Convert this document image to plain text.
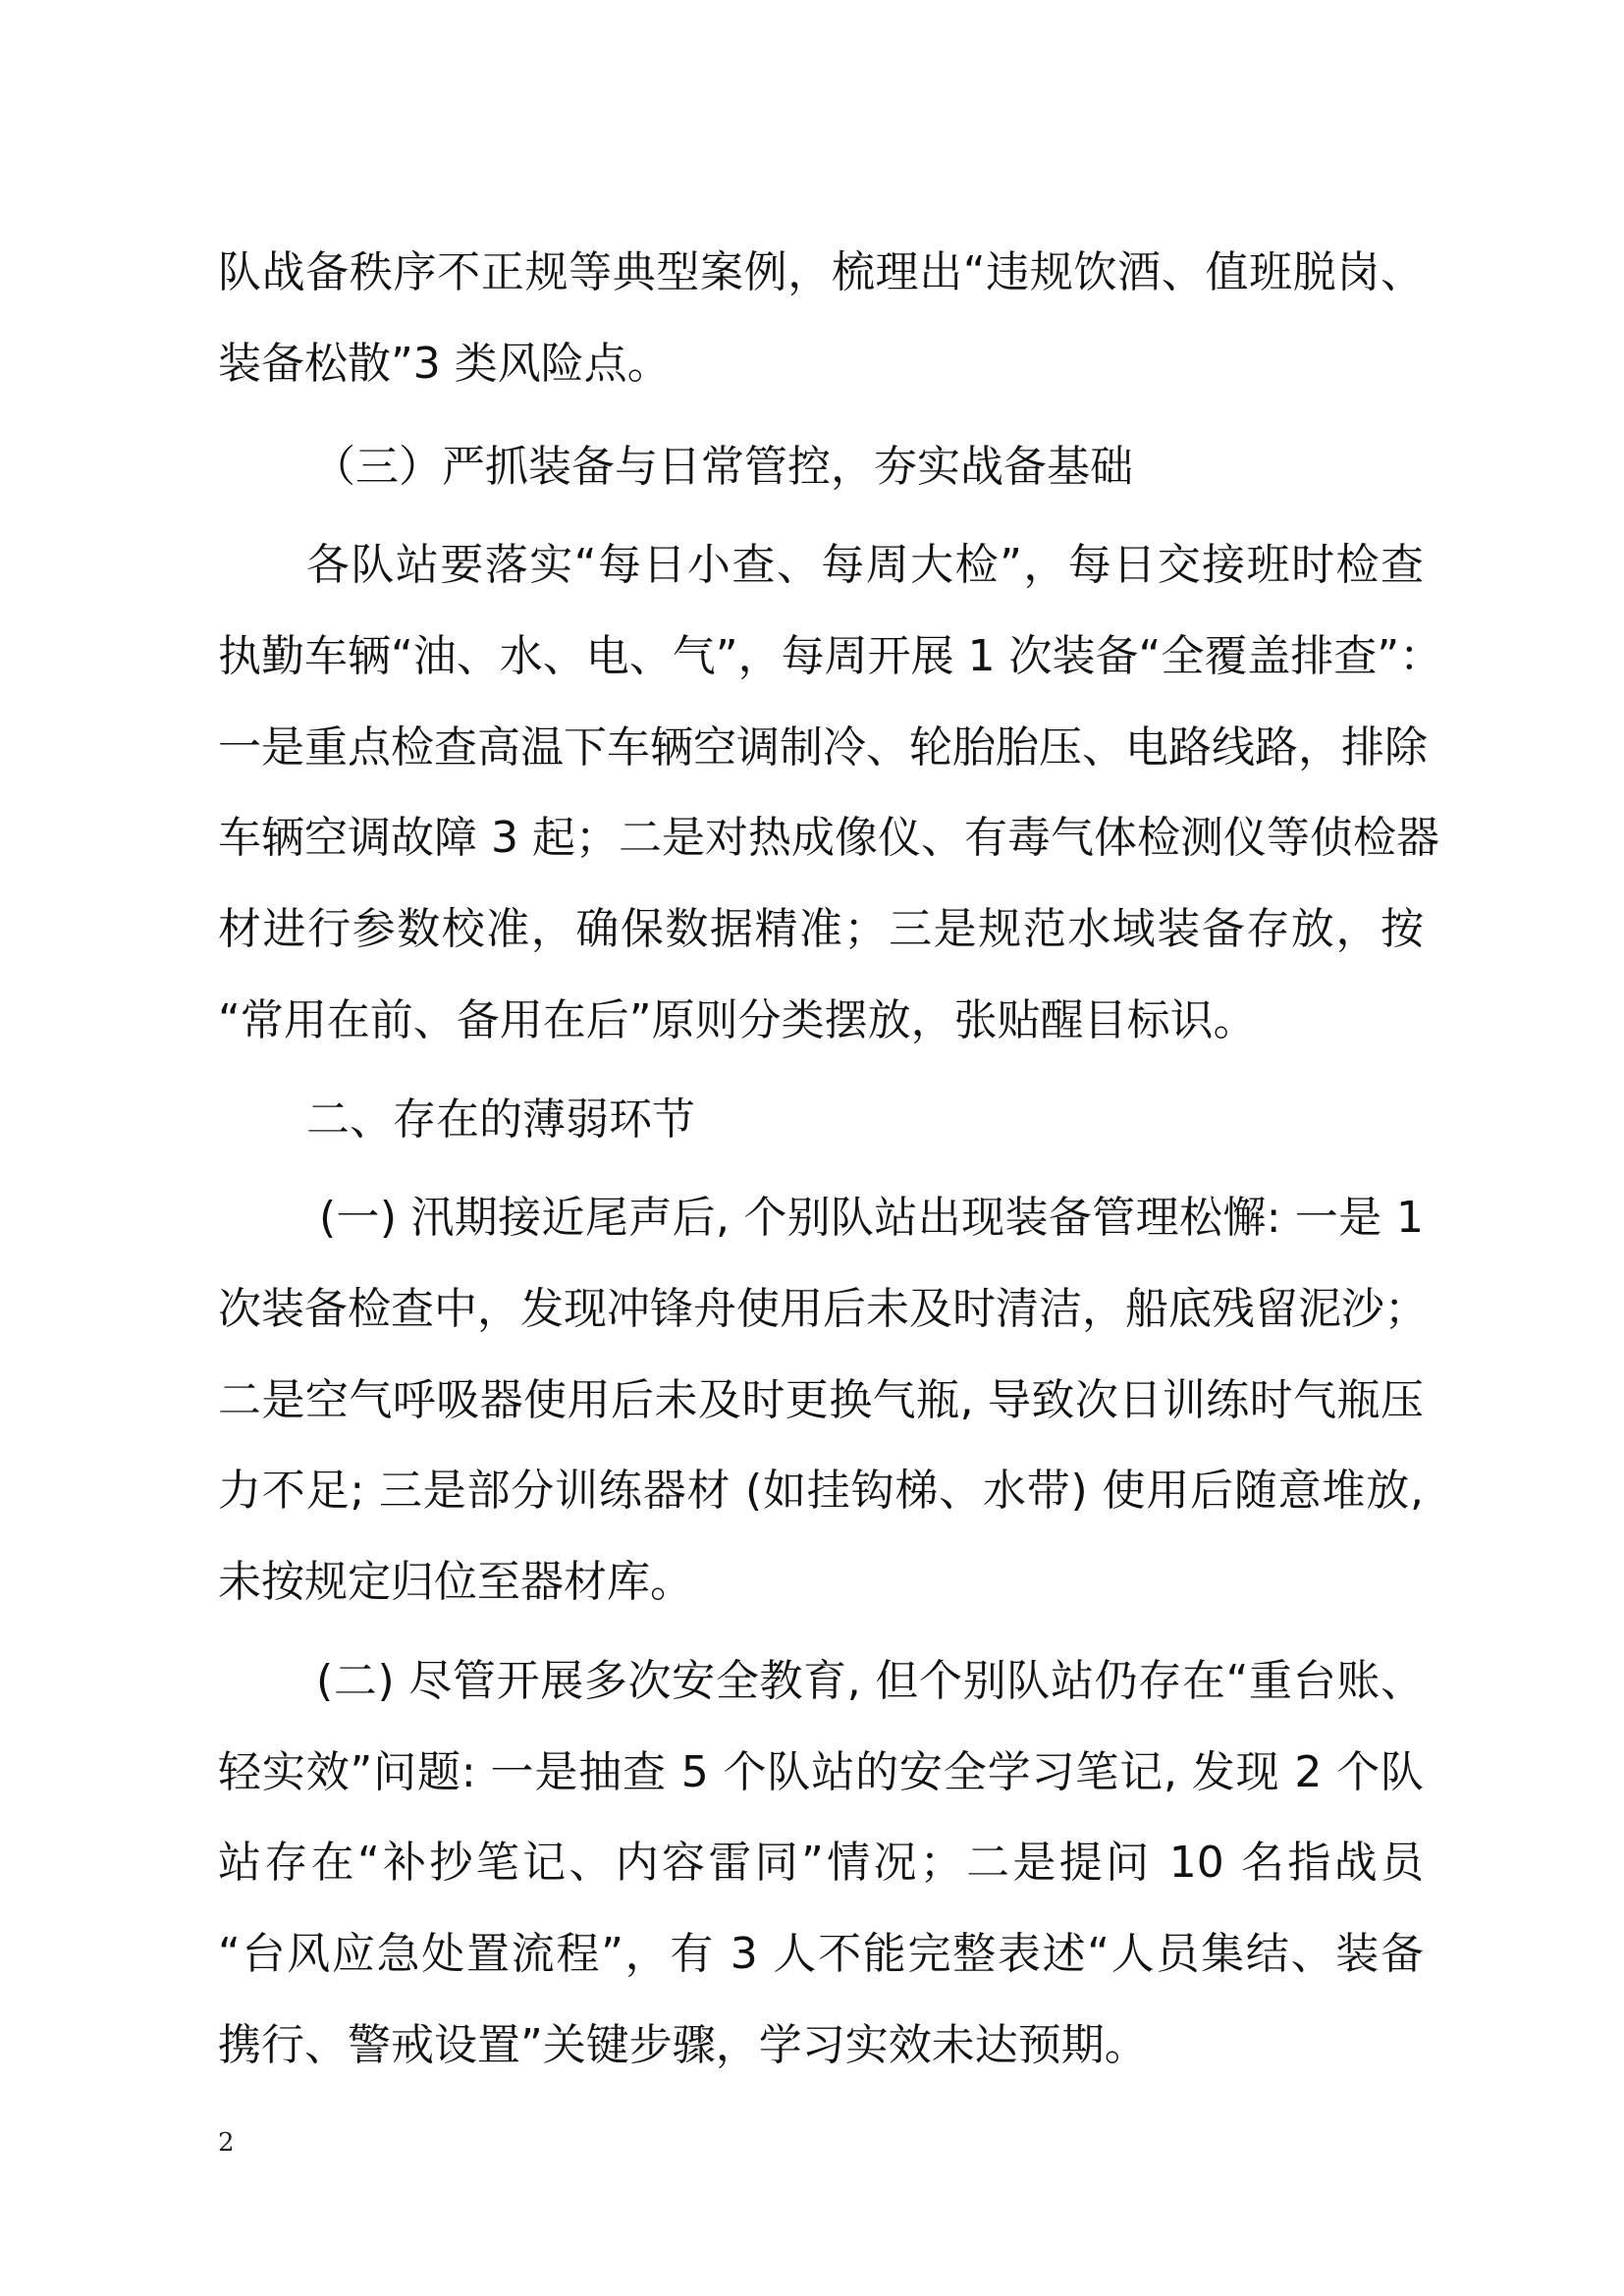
队战备秩序不正规等典型案例，梳理出“违规饮酒、值班脱岗、
装备松散”3 类风险点。
（三）严抓装备与日常管控，夯实战备基础
各队站要落实“每日小查、每周大检”，每日交接班时检查
执勤车辆“油、水、电、气”，每周开展 1 次装备“全覆盖排查”：
一是重点检查高温下车辆空调制冷、轮胎胎压、电路线路，排除
车辆空调故障 3 起；二是对热成像仪、有毒气体检测仪等侦检器
材进行参数校准，确保数据精准；三是规范水域装备存放，按
“常用在前、备用在后”原则分类摆放，张贴醒目标识。
二、存在的薄弱环节
(一) 汛期接近尾声后, 个别队站出现装备管理松懈: 一是 1
次装备检查中，发现冲锋舟使用后未及时清洁，船底残留泥沙；
二是空气呼吸器使用后未及时更换气瓶, 导致次日训练时气瓶压
力不足; 三是部分训练器材 (如挂钩梯、水带) 使用后随意堆放,
未按规定归位至器材库。
(二) 尽管开展多次安全教育, 但个别队站仍存在“重台账、
轻实效”问题: 一是抽查 5 个队站的安全学习笔记, 发现 2 个队
站存在“补抄笔记、内容雷同”情况；二是提问 10 名指战员
“台风应急处置流程”，有 3 人不能完整表述“人员集结、装备
携行、警戒设置”关键步骤，学习实效未达预期。
2
